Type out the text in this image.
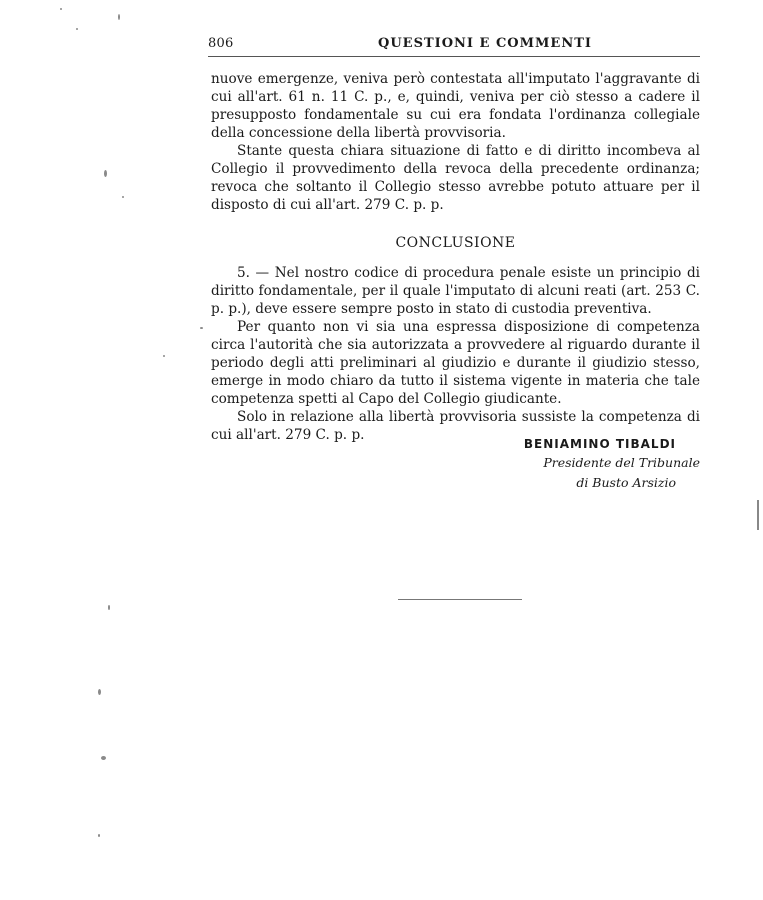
806	QUESTIONI E COMMENTI

nuove emergenze, veniva però contestata all'imputato l'aggravante di cui all'art. 61 n. 11 C. p., e, quindi, veniva per ciò stesso a cadere il presupposto fondamentale su cui era fondata l'ordinanza collegiale della concessione della libertà provvisoria.

Stante questa chiara situazione di fatto e di diritto incombeva al Collegio il provvedimento della revoca della precedente ordinanza; revoca che soltanto il Collegio stesso avrebbe potuto attuare per il disposto di cui all'art. 279 C. p. p.

CONCLUSIONE

5. — Nel nostro codice di procedura penale esiste un principio di diritto fondamentale, per il quale l'imputato di alcuni reati (art. 253 C. p. p.), deve essere sempre posto in stato di custodia preventiva.

Per quanto non vi sia una espressa disposizione di competenza circa l'autorità che sia autorizzata a provvedere al riguardo durante il periodo degli atti preliminari al giudizio e durante il giudizio stesso, emerge in modo chiaro da tutto il sistema vigente in materia che tale competenza spetti al Capo del Collegio giudicante.

Solo in relazione alla libertà provvisoria sussiste la competenza di cui all'art. 279 C. p. p.

BENIAMINO TIBALDI
Presidente del Tribunale
di Busto Arsizio
